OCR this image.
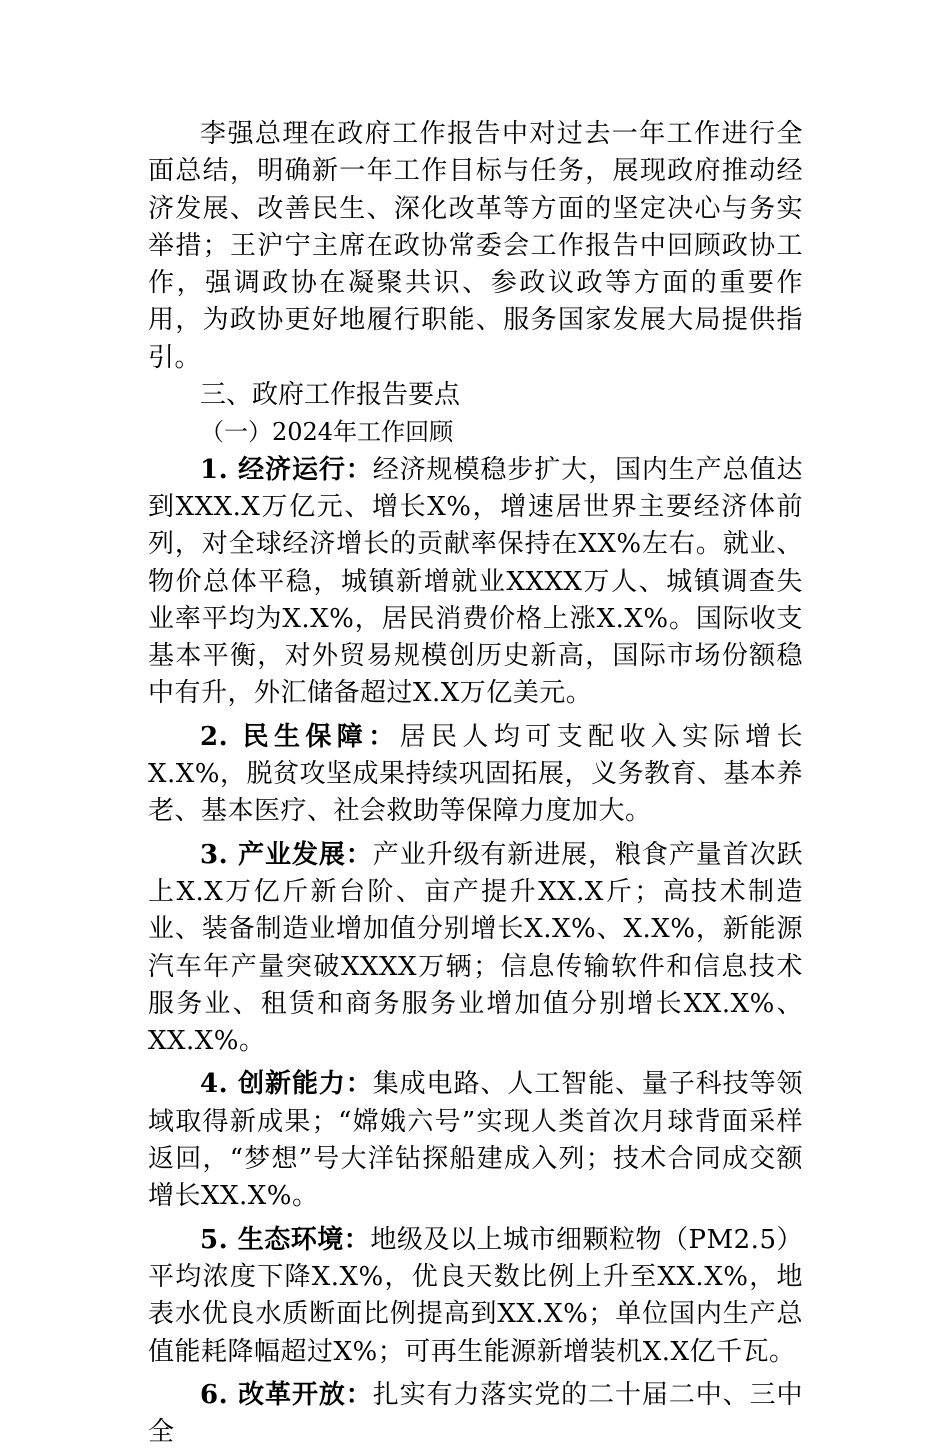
李强总理在政府工作报告中对过去一年工作进行全面总结，明确新一年工作目标与任务，展现政府推动经济发展、改善民生、深化改革等方面的坚定决心与务实举措；王沪宁主席在政协常委会工作报告中回顾政协工作，强调政协在凝聚共识、参政议政等方面的重要作用，为政协更好地履行职能、服务国家发展大局提供指引。

三、政府工作报告要点
（一）2024年工作回顾

1. 经济运行：经济规模稳步扩大，国内生产总值达到XXX.X万亿元、增长X%，增速居世界主要经济体前列，对全球经济增长的贡献率保持在XX%左右。就业、物价总体平稳，城镇新增就业XXXX万人、城镇调查失业率平均为X.X%，居民消费价格上涨X.X%。国际收支基本平衡，对外贸易规模创历史新高，国际市场份额稳中有升，外汇储备超过X.X万亿美元。

2. 民生保障：居民人均可支配收入实际增长X.X%，脱贫攻坚成果持续巩固拓展，义务教育、基本养老、基本医疗、社会救助等保障力度加大。

3. 产业发展：产业升级有新进展，粮食产量首次跃上X.X万亿斤新台阶、亩产提升XX.X斤；高技术制造业、装备制造业增加值分别增长X.X%、X.X%，新能源汽车年产量突破XXXX万辆；信息传输软件和信息技术服务业、租赁和商务服务业增加值分别增长XX.X%、XX.X%。

4. 创新能力：集成电路、人工智能、量子科技等领域取得新成果；“嫦娥六号”实现人类首次月球背面采样返回，“梦想”号大洋钻探船建成入列；技术合同成交额增长XX.X%。

5. 生态环境：地级及以上城市细颗粒物（PM2.5）平均浓度下降X.X%，优良天数比例上升至XX.X%，地表水优良水质断面比例提高到XX.X%；单位国内生产总值能耗降幅超过X%；可再生能源新增装机X.X亿千瓦。

6. 改革开放：扎实有力落实党的二十届二中、三中全
